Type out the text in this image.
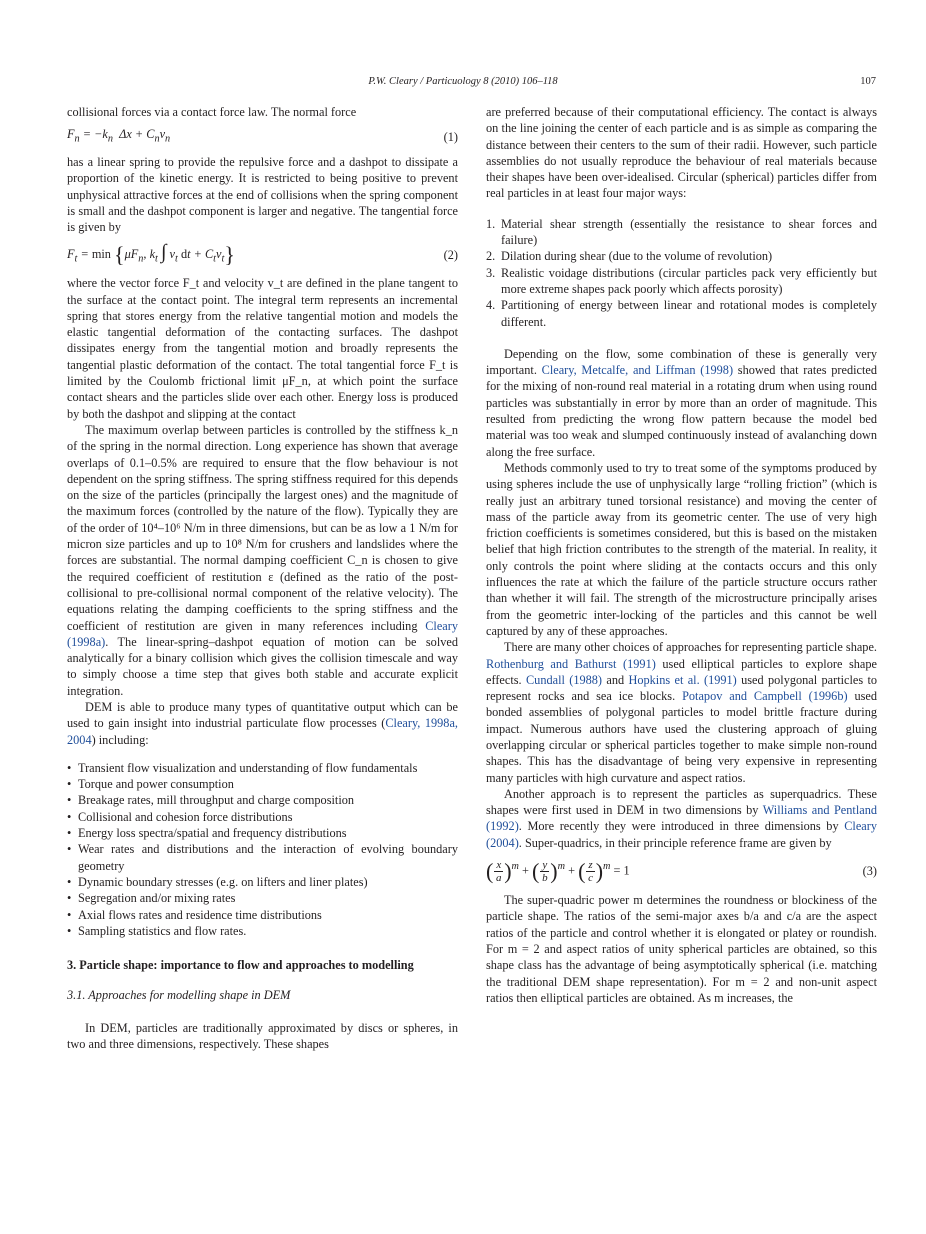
P.W. Cleary / Particuology 8 (2010) 106–118	107

collisional forces via a contact force law. The normal force

$F_n = -k_n$  $\Delta x + C_nv_n$	(1)

has a linear spring to provide the repulsive force and a dashpot to dissipate a proportion of the kinetic energy. It is restricted to being positive to prevent unphysical attractive forces at the end of collisions when the spring component is small and the dashpot component is larger and negative. The tangential force is given by

$F_t = \min \{\mu F_n$, $k_t$ ∫ $v_t$ dt + $C_tv_t$}	(2)

where the vector force F_t and velocity v_t are defined in the plane tangent to the surface at the contact point. The integral term represents an incremental spring that stores energy from the relative tangential motion and models the elastic tangential deformation of the contacting surfaces. The dashpot dissipates energy from the tangential motion and broadly represents the tangential plastic deformation of the contact. The total tangential force F_t is limited by the Coulomb frictional limit μF_n, at which point the surface contact shears and the particles slide over each other. Energy loss is produced by both the dashpot and slipping at the contact

The maximum overlap between particles is controlled by the stiffness k_n of the spring in the normal direction. Long experience has shown that average overlaps of 0.1–0.5% are required to ensure that the flow behaviour is not dependent on the spring stiffness. The spring stiffness required for this depends on the size of the particles (principally the largest ones) and the magnitude of the maximum forces (controlled by the nature of the flow). Typically they are of the order of 10⁴–10⁶ N/m in three dimensions, but can be as low a 1 N/m for micron size particles and up to 10⁸ N/m for crushers and landslides where the forces are substantial. The normal damping coefficient C_n is chosen to give the required coefficient of restitution ε (defined as the ratio of the post-collisional to pre-collisional normal component of the relative velocity). The equations relating the damping coefficients to the spring stiffness and the coefficient of restitution are given in many references including Cleary (1998a). The linear-spring–dashpot equation of motion can be solved analytically for a binary collision which gives the collision timescale and way to simply choose a time step that gives both stable and accurate explicit integration.

DEM is able to produce many types of quantitative output which can be used to gain insight into industrial particulate flow processes (Cleary, 1998a, 2004) including:

• Transient flow visualization and understanding of flow fundamentals
• Torque and power consumption
• Breakage rates, mill throughput and charge composition
• Collisional and cohesion force distributions
• Energy loss spectra/spatial and frequency distributions
• Wear rates and distributions and the interaction of evolving boundary geometry
• Dynamic boundary stresses (e.g. on lifters and liner plates)
• Segregation and/or mixing rates
• Axial flows rates and residence time distributions
• Sampling statistics and flow rates.

3. Particle shape: importance to flow and approaches to modelling

3.1. Approaches for modelling shape in DEM

In DEM, particles are traditionally approximated by discs or spheres, in two and three dimensions, respectively. These shapes

are preferred because of their computational efficiency. The contact is always on the line joining the center of each particle and is as simple as comparing the distance between their centers to the sum of their radii. However, such particle assemblies do not usually reproduce the behaviour of real materials because their shapes have been over-idealised. Circular (spherical) particles differ from real particles in at least four major ways:

1. Material shear strength (essentially the resistance to shear forces and failure)
2. Dilation during shear (due to the volume of revolution)
3. Realistic voidage distributions (circular particles pack very efficiently but more extreme shapes pack poorly which affects porosity)
4. Partitioning of energy between linear and rotational modes is completely different.

Depending on the flow, some combination of these is generally very important. Cleary, Metcalfe, and Liffman (1998) showed that rates predicted for the mixing of non-round real material in a rotating drum when using round particles was substantially in error by more than an order of magnitude. This resulted from predicting the wrong flow pattern because the model bed material was too weak and slumped continuously instead of avalanching down along the free surface.

Methods commonly used to try to treat some of the symptoms produced by using spheres include the use of unphysically large “rolling friction” (which is really just an arbitrary tuned torsional resistance) and moving the center of mass of the particle away from its geometric center. The use of very high friction coefficients is sometimes considered, but this is based on the mistaken belief that high friction contributes to the strength of the material. In reality, it only controls the point where sliding at the contacts occurs and this only influences the rate at which the failure of the particle structure occurs rather than whether it will fail. The strength of the microstructure principally arises from the geometric inter-locking of the particles and this cannot be well captured by any of these approaches.

There are many other choices of approaches for representing particle shape. Rothenburg and Bathurst (1991) used elliptical particles to explore shape effects. Cundall (1988) and Hopkins et al. (1991) used polygonal particles to represent rocks and sea ice blocks. Potapov and Campbell (1996b) used bonded assemblies of polygonal particles to model brittle fracture during impact. Numerous authors have used the clustering approach of gluing overlapping circular or spherical particles together to make simple non-round shapes. This has the disadvantage of being very expensive in representing many particles with high curvature and aspect ratios.

Another approach is to represent the particles as superquadrics. These shapes were first used in DEM in two dimensions by Williams and Pentland (1992). More recently they were introduced in three dimensions by Cleary (2004). Super-quadrics, in their principle reference frame are given by

( $\frac{x}{a} )^m$ + ( $\frac{y}{b} )^m$ + ( $\frac{z}{c} )^m = 1$	(3)

The super-quadric power m determines the roundness or blockiness of the particle shape. The ratios of the semi-major axes b/a and c/a are the aspect ratios of the particle and control whether it is elongated or platey or roundish. For m = 2 and aspect ratios of unity spherical particles are obtained, so this shape class has the advantage of being asymptotically spherical (i.e. matching the traditional DEM shape representation). For m = 2 and non-unit aspect ratios then elliptical particles are obtained. As m increases, the
